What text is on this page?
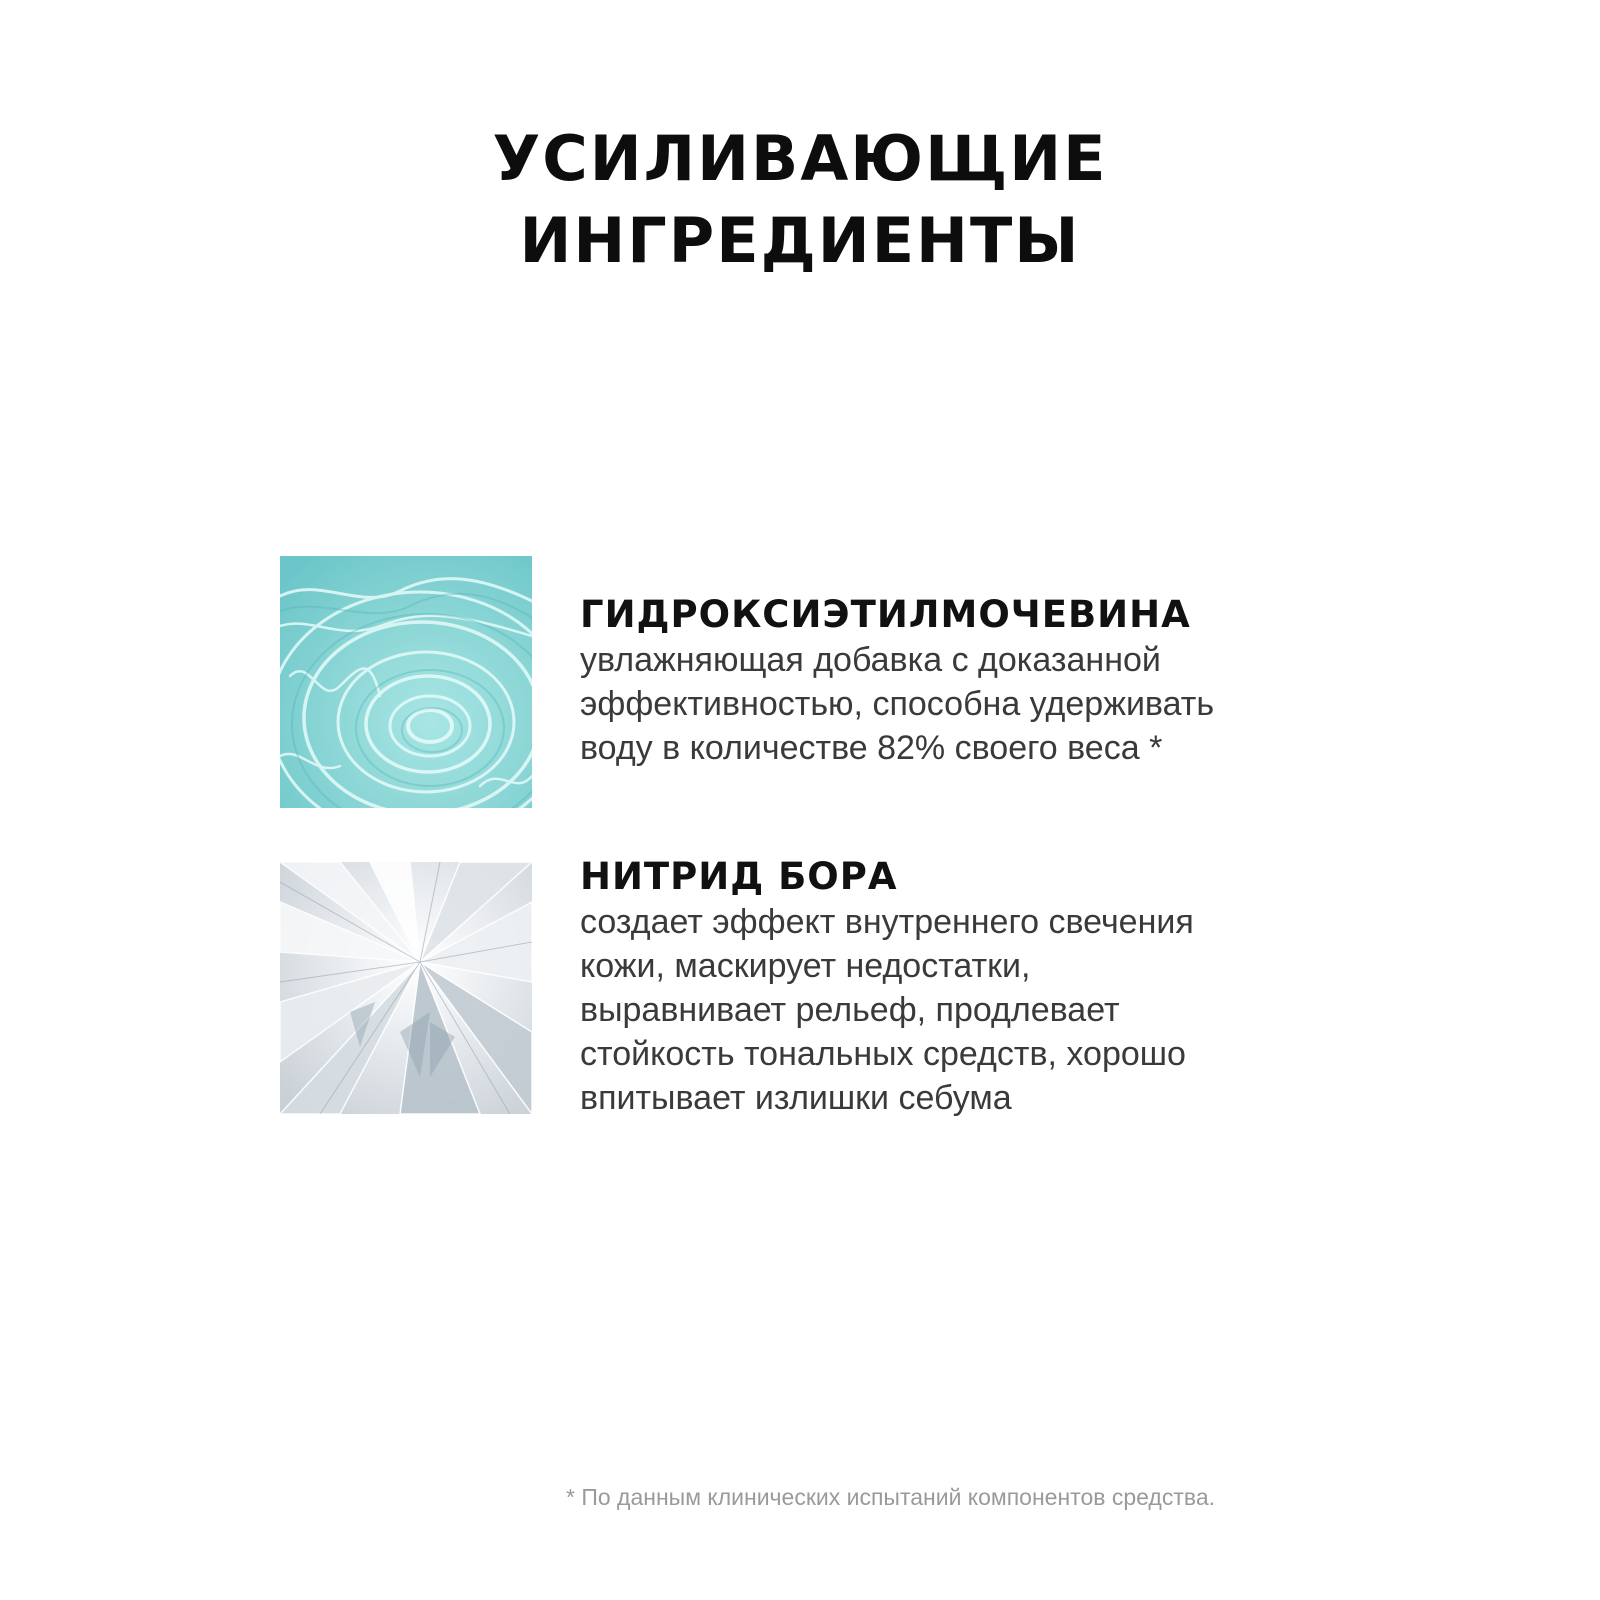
УСИЛИВАЮЩИЕ
ИНГРЕДИЕНТЫ
ГИДРОКСИЭТИЛМОЧЕВИНА

увлажняющая добавка с доказанной
эффективностью, способна удерживать
воду в количестве 82% своего веса *

НИТРИД БОРА

создает эффект внутреннего свечения
кожи, маскирует недостатки,
выравнивает рельеф, продлевает
стойкость тональных средств, хорошо
впитывает излишки себума

* По данным клинических испытаний компонентов средства.
